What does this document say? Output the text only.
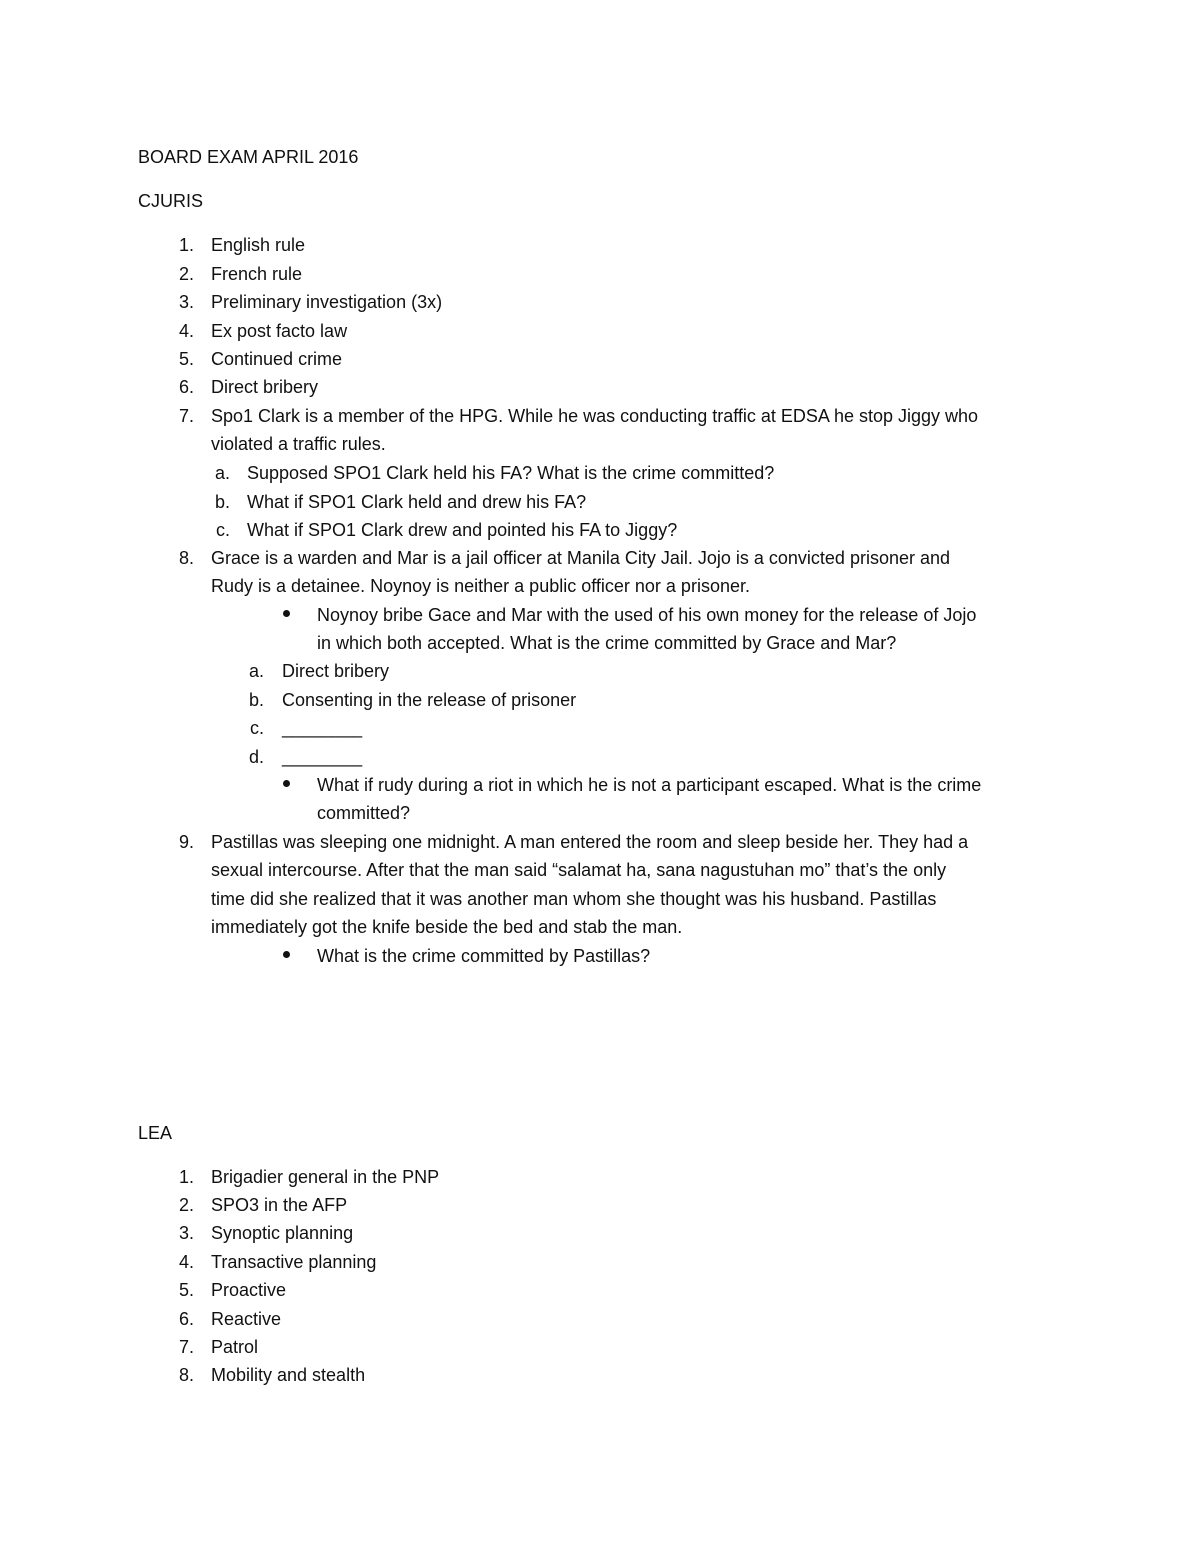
BOARD EXAM APRIL 2016
CJURIS
1. English rule
2. French rule
3. Preliminary investigation (3x)
4. Ex post facto law
5. Continued crime
6. Direct bribery
7. Spo1 Clark is a member of the HPG. While he was conducting traffic at EDSA he stop Jiggy who
violated a traffic rules.
a. Supposed SPO1 Clark held his FA? What is the crime committed?
b. What if SPO1 Clark held and drew his FA?
c. What if SPO1 Clark drew and pointed his FA to Jiggy?
8. Grace is a warden and Mar is a jail officer at Manila City Jail. Jojo is a convicted prisoner and
Rudy is a detainee. Noynoy is neither a public officer nor a prisoner.
Noynoy bribe Gace and Mar with the used of his own money for the release of Jojo
in which both accepted. What is the crime committed by Grace and Mar?
a. Direct bribery
b. Consenting in the release of prisoner
c. ________
d. ________
What if rudy during a riot in which he is not a participant escaped. What is the crime
committed?
9. Pastillas was sleeping one midnight. A man entered the room and sleep beside her. They had a
sexual intercourse. After that the man said “salamat ha, sana nagustuhan mo” that’s the only
time did she realized that it was another man whom she thought was his husband. Pastillas
immediately got the knife beside the bed and stab the man.
What is the crime committed by Pastillas?
LEA
1. Brigadier general in the PNP
2. SPO3 in the AFP
3. Synoptic planning
4. Transactive planning
5. Proactive
6. Reactive
7. Patrol
8. Mobility and stealth
